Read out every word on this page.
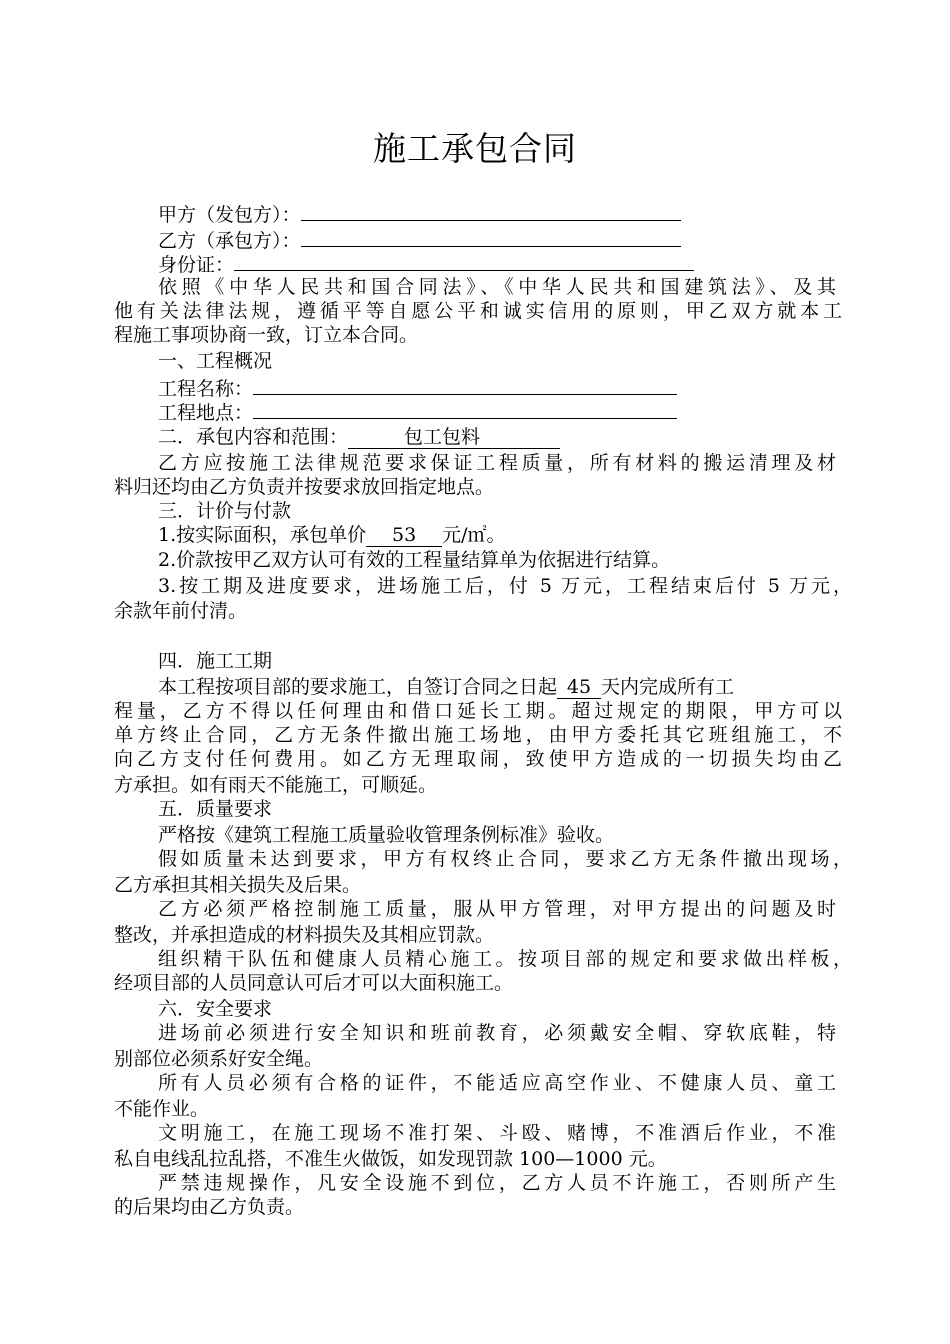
施工承包合同
甲方（发包方）：
乙方（承包方）：
身份证：
依照《中华人民共和国合同法》、《中华人民共和国建筑法》、及其
他有关法律法规，遵循平等自愿公平和诚实信用的原则，甲乙双方就本工
程施工事项协商一致，订立本合同。
一、工程概况
工程名称：
工程地点：
二．承包内容和范围：	包工包料
乙方应按施工法律规范要求保证工程质量，所有材料的搬运清理及材
料归还均由乙方负责并按要求放回指定地点。
三．计价与付款
1.按实际面积，承包单价 53 元/㎡。
2.价款按甲乙双方认可有效的工程量结算单为依据进行结算。
3.按工期及进度要求，进场施工后，付 5 万元，工程结束后付 5 万元，
余款年前付清。
四．施工工期
本工程按项目部的要求施工，自签订合同之日起 45 天内完成所有工
程量，乙方不得以任何理由和借口延长工期。超过规定的期限，甲方可以
单方终止合同，乙方无条件撤出施工场地，由甲方委托其它班组施工，不
向乙方支付任何费用。如乙方无理取闹，致使甲方造成的一切损失均由乙
方承担。如有雨天不能施工，可顺延。
五．质量要求
严格按《建筑工程施工质量验收管理条例标准》验收。
假如质量未达到要求，甲方有权终止合同，要求乙方无条件撤出现场，
乙方承担其相关损失及后果。
乙方必须严格控制施工质量，服从甲方管理，对甲方提出的问题及时
整改，并承担造成的材料损失及其相应罚款。
组织精干队伍和健康人员精心施工。按项目部的规定和要求做出样板，
经项目部的人员同意认可后才可以大面积施工。
六．安全要求
进场前必须进行安全知识和班前教育，必须戴安全帽、穿软底鞋，特
别部位必须系好安全绳。
所有人员必须有合格的证件，不能适应高空作业、不健康人员、童工
不能作业。
文明施工，在施工现场不准打架、斗殴、赌博，不准酒后作业，不准
私自电线乱拉乱搭，不准生火做饭，如发现罚款 100—1000 元。
严禁违规操作，凡安全设施不到位，乙方人员不许施工，否则所产生
的后果均由乙方负责。
